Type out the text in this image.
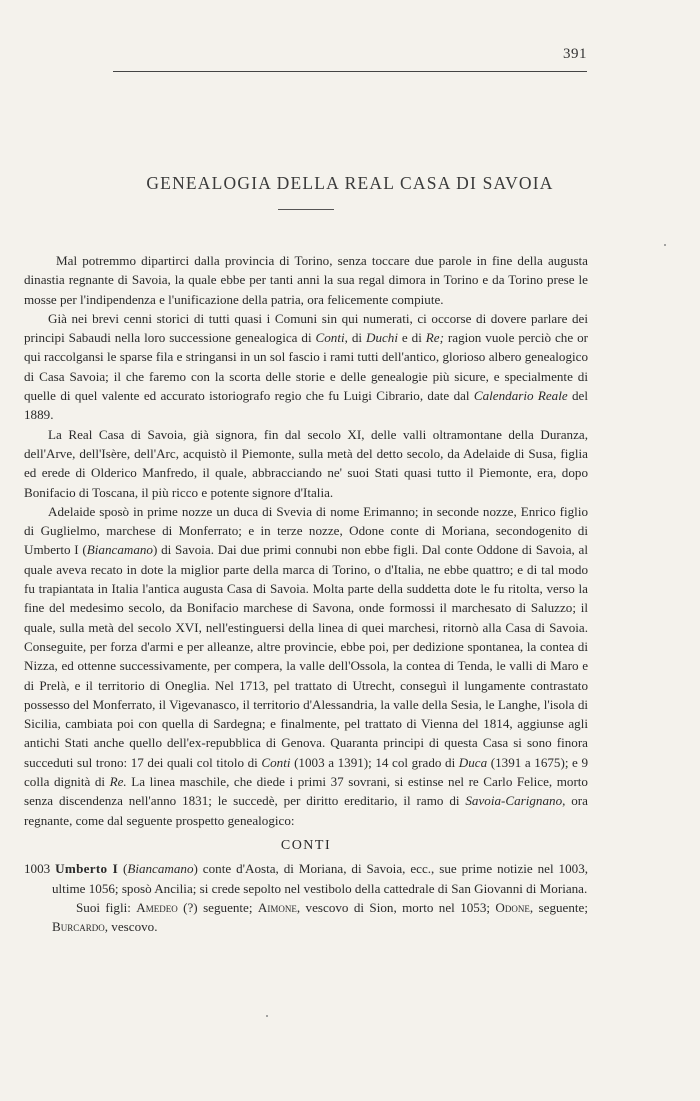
391
GENEALOGIA DELLA REAL CASA DI SAVOIA

Mal potremmo dipartirci dalla provincia di Torino, senza toccare due parole in fine della augusta dinastia regnante di Savoia, la quale ebbe per tanti anni la sua regal dimora in Torino e da Torino prese le mosse per l'indipendenza e l'unificazione della patria, ora felicemente compiute.

Già nei brevi cenni storici di tutti quasi i Comuni sin qui numerati, ci occorse di dovere parlare dei principi Sabaudi nella loro successione genealogica di Conti, di Duchi e di Re; ragion vuole perciò che or qui raccolgansi le sparse fila e stringansi in un sol fascio i rami tutti dell'antico, glorioso albero genealogico di Casa Savoia; il che faremo con la scorta delle storie e delle genealogie più sicure, e specialmente di quelle di quel valente ed accurato istoriografo regio che fu Luigi Cibrario, date dal Calendario Reale del 1889.

La Real Casa di Savoia, già signora, fin dal secolo XI, delle valli oltramontane della Duranza, dell'Arve, dell'Isère, dell'Arc, acquistò il Piemonte, sulla metà del detto secolo, da Adelaide di Susa, figlia ed erede di Olderico Manfredo, il quale, abbracciando ne' suoi Stati quasi tutto il Piemonte, era, dopo Bonifacio di Toscana, il più ricco e potente signore d'Italia.

Adelaide sposò in prime nozze un duca di Svevia di nome Erimanno; in seconde nozze, Enrico figlio di Guglielmo, marchese di Monferrato; e in terze nozze, Odone conte di Moriana, secondogenito di Umberto I (Biancamano) di Savoia. Dai due primi connubi non ebbe figli. Dal conte Oddone di Savoia, al quale aveva recato in dote la miglior parte della marca di Torino, o d'Italia, ne ebbe quattro; e di tal modo fu trapiantata in Italia l'antica augusta Casa di Savoia. Molta parte della suddetta dote le fu ritolta, verso la fine del medesimo secolo, da Bonifacio marchese di Savona, onde formossi il marchesato di Saluzzo; il quale, sulla metà del secolo XVI, nell'estinguersi della linea di quei marchesi, ritornò alla Casa di Savoia. Conseguite, per forza d'armi e per alleanze, altre provincie, ebbe poi, per dedizione spontanea, la contea di Nizza, ed ottenne successivamente, per compera, la valle dell'Ossola, la contea di Tenda, le valli di Maro e di Prelà, e il territorio di Oneglia. Nel 1713, pel trattato di Utrecht, conseguì il lungamente contrastato possesso del Monferrato, il Vigevanasco, il territorio d'Alessandria, la valle della Sesia, le Langhe, l'isola di Sicilia, cambiata poi con quella di Sardegna; e finalmente, pel trattato di Vienna del 1814, aggiunse agli antichi Stati anche quello dell'ex-repubblica di Genova. Quaranta principi di questa Casa si sono finora succeduti sul trono: 17 dei quali col titolo di Conti (1003 a 1391); 14 col grado di Duca (1391 a 1675); e 9 colla dignità di Re. La linea maschile, che diede i primi 37 sovrani, si estinse nel re Carlo Felice, morto senza discendenza nell'anno 1831; le succedè, per diritto ereditario, il ramo di Savoia-Carignano, ora regnante, come dal seguente prospetto genealogico:

CONTI
1003 Umberto I (Biancamano) conte d'Aosta, di Moriana, di Savoia, ecc., sue prime notizie nel 1003, ultime 1056; sposò Ancilia; si crede sepolto nel vestibolo della cattedrale di San Giovanni di Moriana.
Suoi figli: Amedeo (?) seguente; Aimone, vescovo di Sion, morto nel 1053; Odone, seguente; Burcardo, vescovo.
